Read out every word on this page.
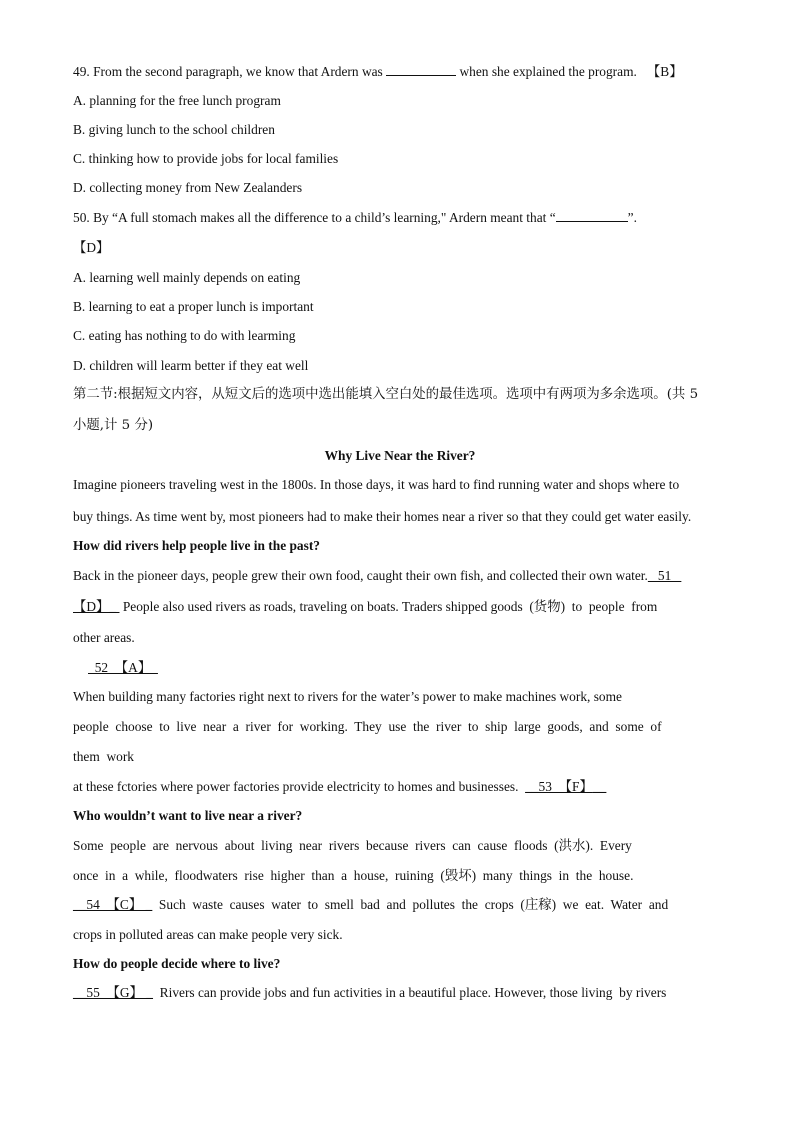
49. From the second paragraph, we know that Ardern was	when she explained the program. 【B】
A. planning for the free lunch program
B. giving lunch to the school children
C. thinking how to provide jobs for local families
D. collecting money from New Zealanders
50. By “A full stomach makes all the difference to a child’s learning," Ardern meant that “	”.
【D】
A. learning well mainly depends on eating
B. learning to eat a proper lunch is important
C. eating has nothing to do with learming
D. children will learm better if they eat well
第二节:根据短文内容，从短文后的选项中选出能填入空白处的最佳选项。选项中有两项为多余选项。(共 5
小题,计 5 分)
Why Live Near the River?
Imagine pioneers traveling west in the 1800s. In those days, it was hard to find running water and shops where to
buy things. As time went by, most pioneers had to make their homes near a river so that they could get water easily.
How did rivers help people live in the past?
Back in the pioneer days, people grew their own food, caught their own fish, and collected their own water.   51
【D】_  People also used rivers as roads, traveling on boats. Traders shipped goods  (货物)  to  people  from
other areas.
52  【A】
When building many factories right next to rivers for the water’s power to make machines work, some
people  choose  to  live  near  a  river  for  working.  They  use  the  river  to  ship  large  goods,  and  some  of
them  work
at these fctories where power factories provide electricity to homes and businesses.  __53  【F】__
Who wouldn’t want to live near a river?
Some  people  are  nervous  about  living  near  rivers  because  rivers  can  cause  floods  (洪水).  Every
once  in  a  while,  floodwaters  rise  higher  than  a  house,  ruining  (毁坏)  many  things  in  the  house.
__54  【C】 _  Such  waste  causes  water  to  smell  bad  and  pollutes  the  crops  (庄稼)  we  eat.  Water  and
crops in polluted areas can make people very sick.
How do people decide where to live?
__55  【G】 _  Rivers can provide jobs and fun activities in a beautiful place. However, those living  by rivers
